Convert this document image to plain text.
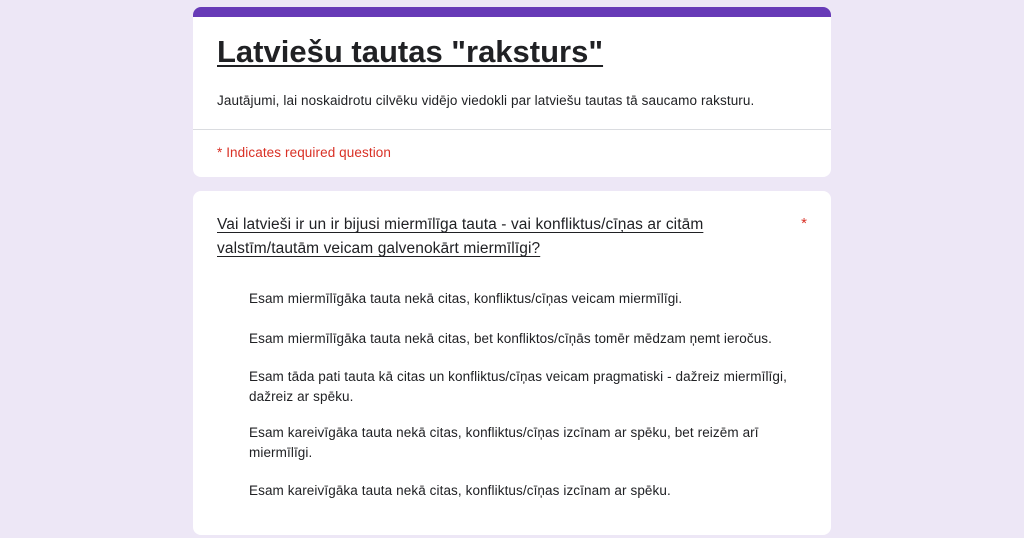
Latviešu tautas "raksturs"
Jautājumi, lai noskaidrotu cilvēku vidējo viedokli par latviešu tautas tā saucamo raksturu.
* Indicates required question
Vai latvieši ir un ir bijusi miermīlīga tauta - vai konfliktus/cīņas ar citām valstīm/tautām veicam galvenokārt miermīlīgi?
*
Esam miermīlīgāka tauta nekā citas, konfliktus/cīņas veicam miermīlīgi.
Esam miermīlīgāka tauta nekā citas, bet konfliktos/cīņās tomēr mēdzam ņemt ieročus.
Esam tāda pati tauta kā citas un konfliktus/cīņas veicam pragmatiski - dažreiz miermīlīgi, dažreiz ar spēku.
Esam kareivīgāka tauta nekā citas, konfliktus/cīņas izcīnam ar spēku, bet reizēm arī miermīlīgi.
Esam kareivīgāka tauta nekā citas, konfliktus/cīņas izcīnam ar spēku.
